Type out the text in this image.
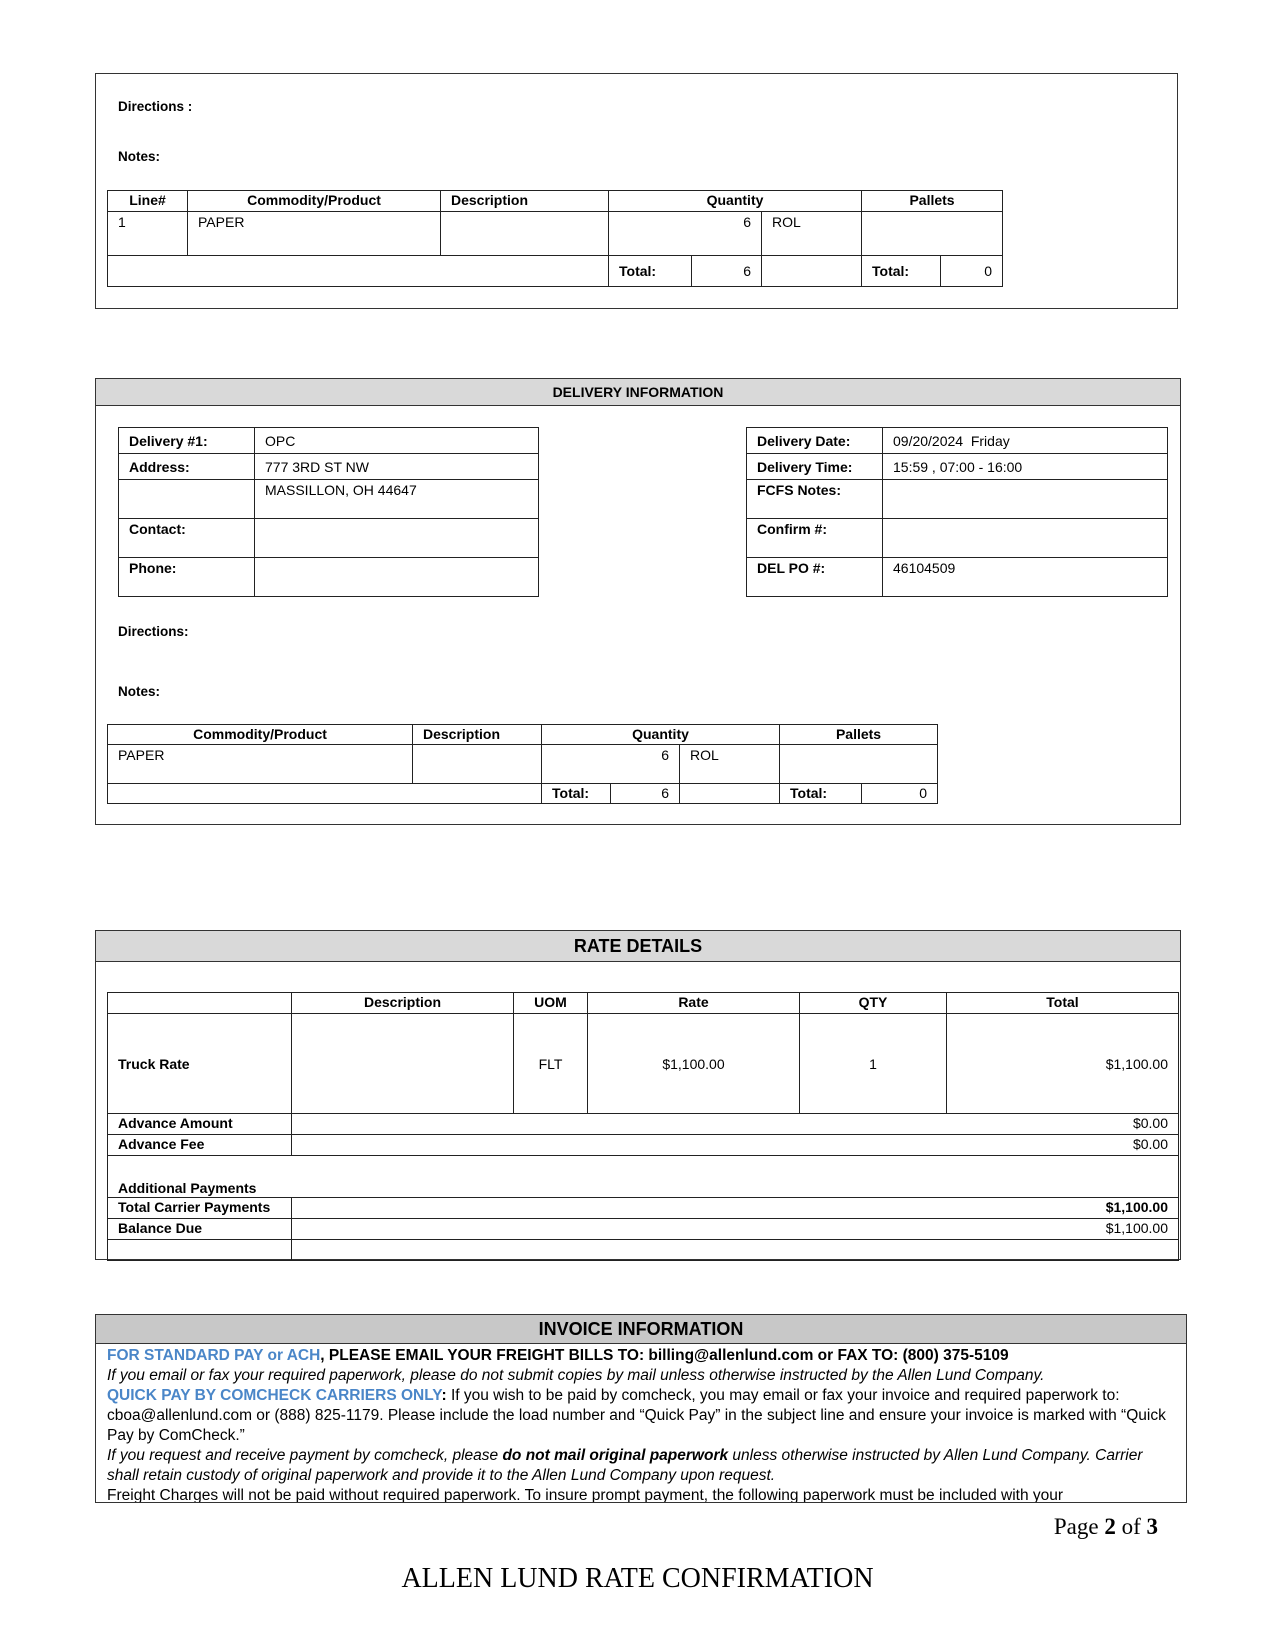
Directions :
Notes:
Line#	Commodity/Product	Description	Quantity			Pallets	
1	PAPER		6		ROL		
			Total:	6		Total:	0
DELIVERY INFORMATION
Delivery #1:	OPC
Address:	777 3RD ST NW
	MASSILLON, OH 44647
Contact:	
Phone:	
Delivery Date:	09/20/2024  Friday
Delivery Time:	15:59 , 07:00 - 16:00
FCFS Notes:	
Confirm #:	
DEL PO #:	46104509
Directions:
Notes:
Commodity/Product	Description	Quantity			Pallets	
PAPER		6		ROL		
		Total:	6		Total:	0
RATE DETAILS
	Description	UOM	Rate	QTY	Total
Truck Rate		FLT	$1,100.00	1	$1,100.00
Advance Amount	$0.00				
Advance Fee	$0.00				
Additional Payments					
Total Carrier Payments	$1,100.00				
Balance Due	$1,100.00				

INVOICE INFORMATION
FOR STANDARD PAY or ACH, PLEASE EMAIL YOUR FREIGHT BILLS TO: billing@allenlund.com or FAX TO: (800) 375-5109
If you email or fax your required paperwork, please do not submit copies by mail unless otherwise instructed by the Allen Lund Company.
QUICK PAY BY COMCHECK CARRIERS ONLY: If you wish to be paid by comcheck, you may email or fax your invoice and required paperwork to: cboa@allenlund.com or (888) 825-1179. Please include the load number and “Quick Pay” in the subject line and ensure your invoice is marked with “Quick Pay by ComCheck.”
If you request and receive payment by comcheck, please do not mail original paperwork unless otherwise instructed by Allen Lund Company. Carrier shall retain custody of original paperwork and provide it to the Allen Lund Company upon request.
Freight Charges will not be paid without required paperwork. To insure prompt payment, the following paperwork must be included with your
Page 2 of 3
ALLEN LUND RATE CONFIRMATION
